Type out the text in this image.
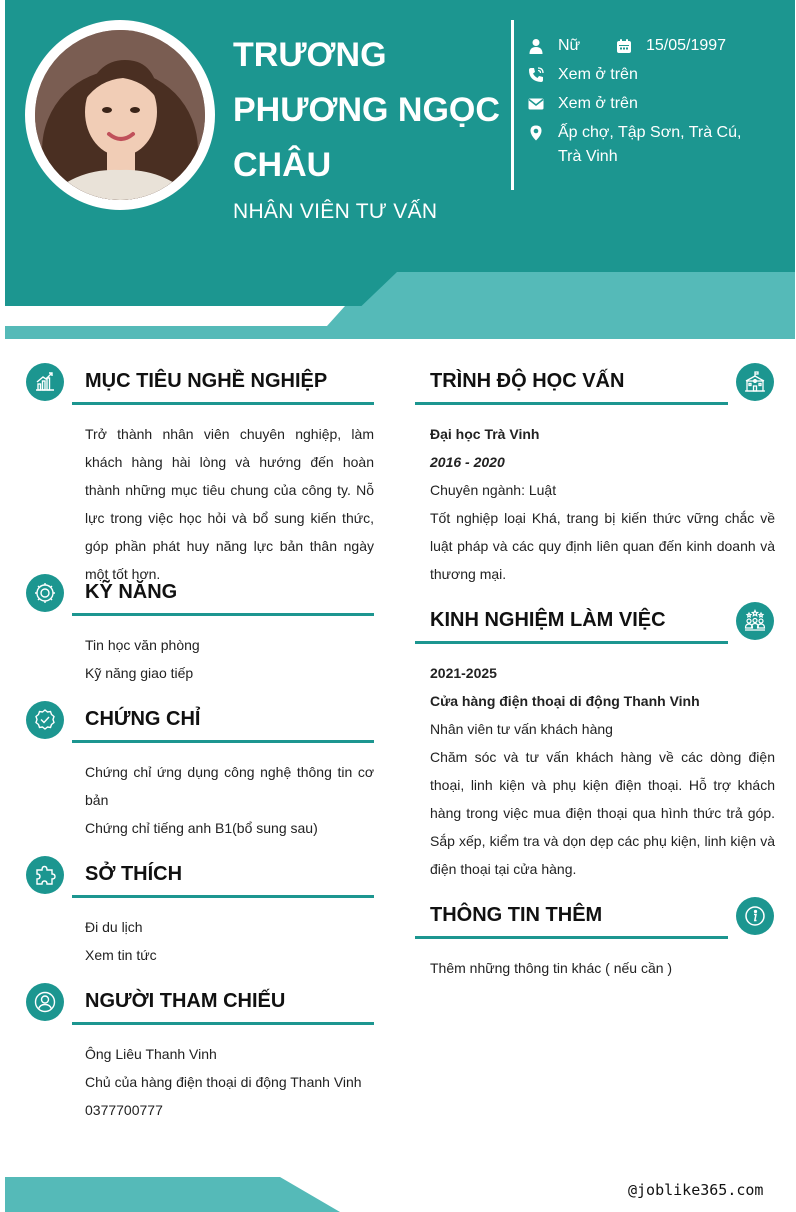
TRƯƠNG
PHƯƠNG NGỌC
CHÂU
NHÂN VIÊN TƯ VẤN
Nữ	15/05/1997
Xem ở trên
Xem ở trên
Ấp chợ, Tập Sơn, Trà Cú,
Trà Vinh
MỤC TIÊU NGHỀ NGHIỆP
Trở thành nhân viên chuyên nghiệp, làm khách hàng hài lòng và hướng đến hoàn thành những mục tiêu chung của công ty. Nỗ lực trong việc học hỏi và bổ sung kiến thức, góp phần phát huy năng lực bản thân ngày một tốt hơn.
KỸ NĂNG

Tin học văn phòng

Kỹ năng giao tiếp

CHỨNG CHỈ

Chứng chỉ ứng dụng công nghệ thông tin cơ bản

Chứng chỉ tiếng anh B1(bổ sung sau)

SỞ THÍCH

Đi du lịch

Xem tin tức

NGƯỜI THAM CHIẾU

Ông Liêu Thanh Vinh

Chủ của hàng điện thoại di động Thanh Vinh

0377700777

TRÌNH ĐỘ HỌC VẤN

Đại học Trà Vinh

2016 - 2020

Chuyên ngành: Luật

Tốt nghiệp loại Khá, trang bị kiến thức vững chắc về luật pháp và các quy định liên quan đến kinh doanh và thương mại.

KINH NGHIỆM LÀM VIỆC

2021-2025

Cửa hàng điện thoại di động Thanh Vinh

Nhân viên tư vấn khách hàng

Chăm sóc và tư vấn khách hàng về các dòng điện thoại, linh kiện và phụ kiện điện thoại. Hỗ trợ khách hàng trong việc mua điện thoại qua hình thức trả góp. Sắp xếp, kiểm tra và dọn dẹp các phụ kiện, linh kiện và điện thoại tại cửa hàng.

THÔNG TIN THÊM
Thêm những thông tin khác ( nếu cần )
@joblike365.com
